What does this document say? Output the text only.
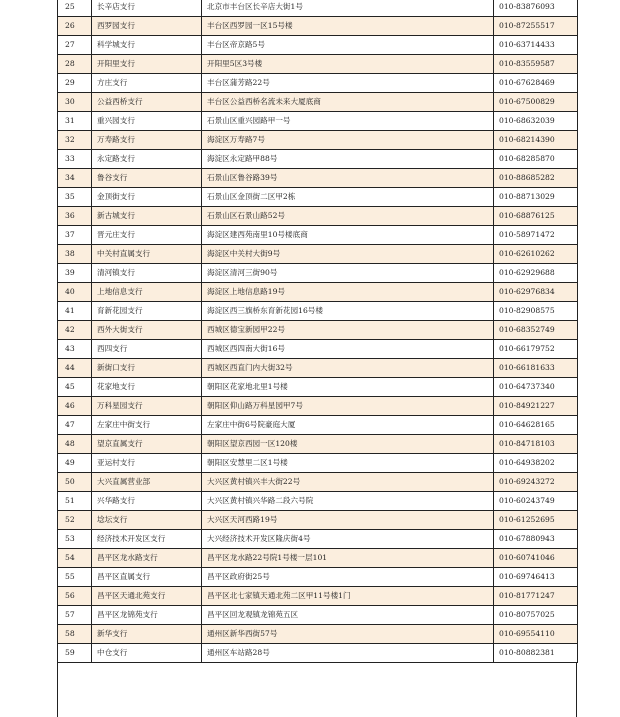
25	长辛店支行	北京市丰台区长辛店大街1号	010-83876093
26	西罗园支行	丰台区西罗园一区15号楼	010-87255517
27	科学城支行	丰台区帝京路5号	010-63714433
28	开阳里支行	开阳里5区3号楼	010-83559587
29	方庄支行	丰台区蒲芳路22号	010-67628469
30	公益西桥支行	丰台区公益西桥名流未来大厦底商	010-67500829
31	重兴园支行	石景山区重兴园路甲一号	010-68632039
32	万寿路支行	海淀区万寿路7号	010-68214390
33	永定路支行	海淀区永定路甲88号	010-68285870
34	鲁谷支行	石景山区鲁谷路39号	010-88685282
35	金顶街支行	石景山区金顶街二区甲2栋	010-88713029
36	新古城支行	石景山区石景山路52号	010-68876125
37	晋元庄支行	海淀区建西苑南里10号楼底商	010-58971472
38	中关村直属支行	海淀区中关村大街9号	010-62610262
39	清河镇支行	海淀区清河三街90号	010-62929688
40	上地信息支行	海淀区上地信息路19号	010-62976834
41	育新花园支行	海淀区西三旗桥东育新花园16号楼	010-82908575
42	西外大街支行	西城区德宝新园甲22号	010-68352749
43	西四支行	西城区西四南大街16号	010-66179752
44	新街口支行	西城区西直门内大街32号	010-66181633
45	花家地支行	朝阳区花家地北里1号楼	010-64737340
46	万科星园支行	朝阳区仰山路万科星园甲7号	010-84921227
47	左家庄中街支行	左家庄中街6号院豪庭大厦	010-64628165
48	望京直属支行	朝阳区望京西园一区120楼	010-84718103
49	亚运村支行	朝阳区安慧里二区1号楼	010-64938202
50	大兴直属营业部	大兴区黄村镇兴丰大街22号	010-69243272
51	兴华路支行	大兴区黄村镇兴华路二段六号院	010-60243749
52	埝坛支行	大兴区天河西路19号	010-61252695
53	经济技术开发区支行	大兴经济技术开发区隆庆街4号	010-67880943
54	昌平区龙水路支行	昌平区龙水路22号院1号楼一层101	010-60741046
55	昌平区直属支行	昌平区政府街25号	010-69746413
56	昌平区天通北苑支行	昌平区北七家镇天通北苑二区甲11号楼1门	010-81771247
57	昌平区龙锦苑支行	昌平区回龙观镇龙锦苑五区	010-80757025
58	新华支行	通州区新华西街57号	010-69554110
59	中仓支行	通州区车站路28号	010-80882381
